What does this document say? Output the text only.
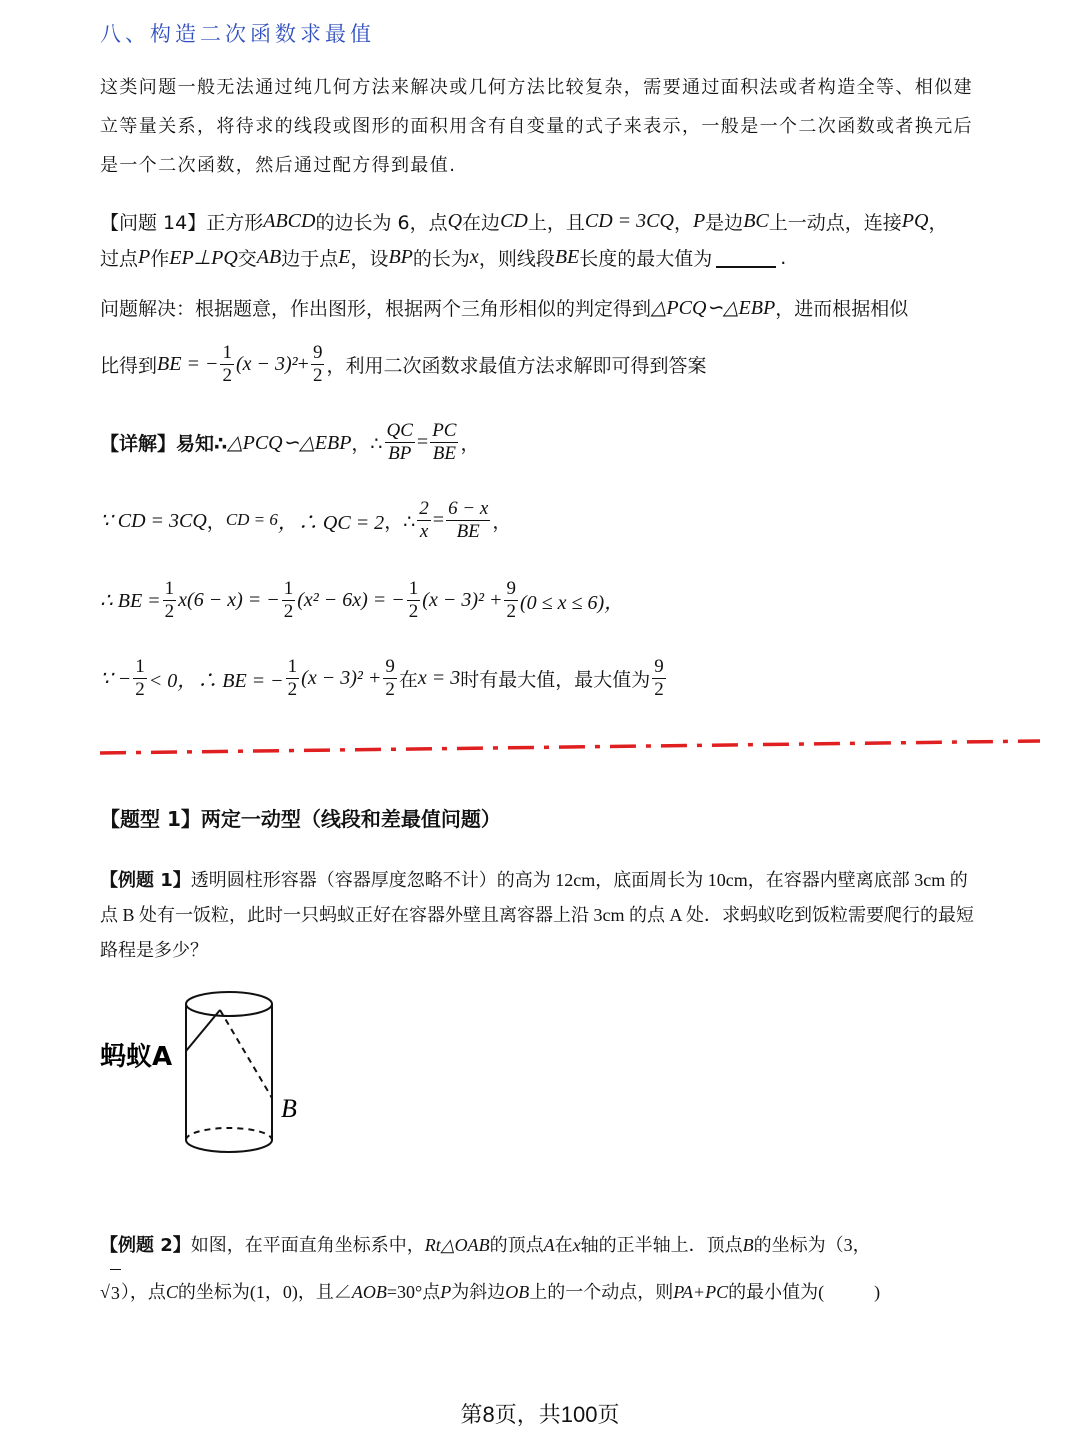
八、构造二次函数求最值
这类问题一般无法通过纯几何方法来解决或几何方法比较复杂，需要通过面积法或者构造全等、相似建立等量关系，将待求的线段或图形的面积用含有自变量的式子来表示，一般是一个二次函数或者换元后是一个二次函数，然后通过配方得到最值.
【问题 14】 正方形 ABCD 的边长为 6，点 Q 在边 CD 上，且 CD = 3CQ ， P 是边 BC 上一动点，连接 PQ ，
过点 P 作 EP⊥PQ 交 AB 边于点 E ，设 BP 的长为 x ，则线段 BE 长度的最大值为	.
问题解决：根据题意，作出图形，根据两个三角形相似的判定得到 △PCQ∽△EBP ，进而根据相似
比得到 BE = − $\frac{1}{2} (x - 3)^2 + \frac{9}{2}$ ，利用二次函数求最值方法求解即可得到答案
【详解】易知∴ △PCQ∽△EBP ，∴ $\frac{QC}{BP} = \frac{PC}{BE}$ ，
∵ CD = 3CQ ， CD = 6 ，∴ QC = 2 ，∴ $\frac{2}{x} = \frac{6 - x}{BE}$ ，
∴ BE = $\frac{1}{2} x(6 - x)$ = − $\frac{1}{2} (x^2 - 6x)$ = − $\frac{1}{2} (x - 3)^2 + \frac{9}{2} (0 \le x \le 6)$，
∵ − $\frac{1}{2} < 0$，∴ BE = − $\frac{1}{2} (x - 3)^2 + \frac{9}{2}$ 在 x = 3 时有最大值，最大值为 $\frac{9}{2}$
【题型 1】两定一动型（线段和差最值问题）
【例题 1】透明圆柱形容器（容器厚度忽略不计）的高为 12cm，底面周长为 10cm，在容器内壁离底部 3cm 的点 B 处有一饭粒，此时一只蚂蚁正好在容器外壁且离容器上沿 3cm 的点 A 处．求蚂蚁吃到饭粒需要爬行的最短路程是多少？
蚂蚁A
B
【例题 2】如图，在平面直角坐标系中，Rt△OAB的顶点A在x轴的正半轴上．顶点B的坐标为（3，

√ 3 ），点C的坐标为(1，0)，且∠AOB=30°点P为斜边OB上的一个动点，则PA+PC的最小值为(	)
第8页，共100页
